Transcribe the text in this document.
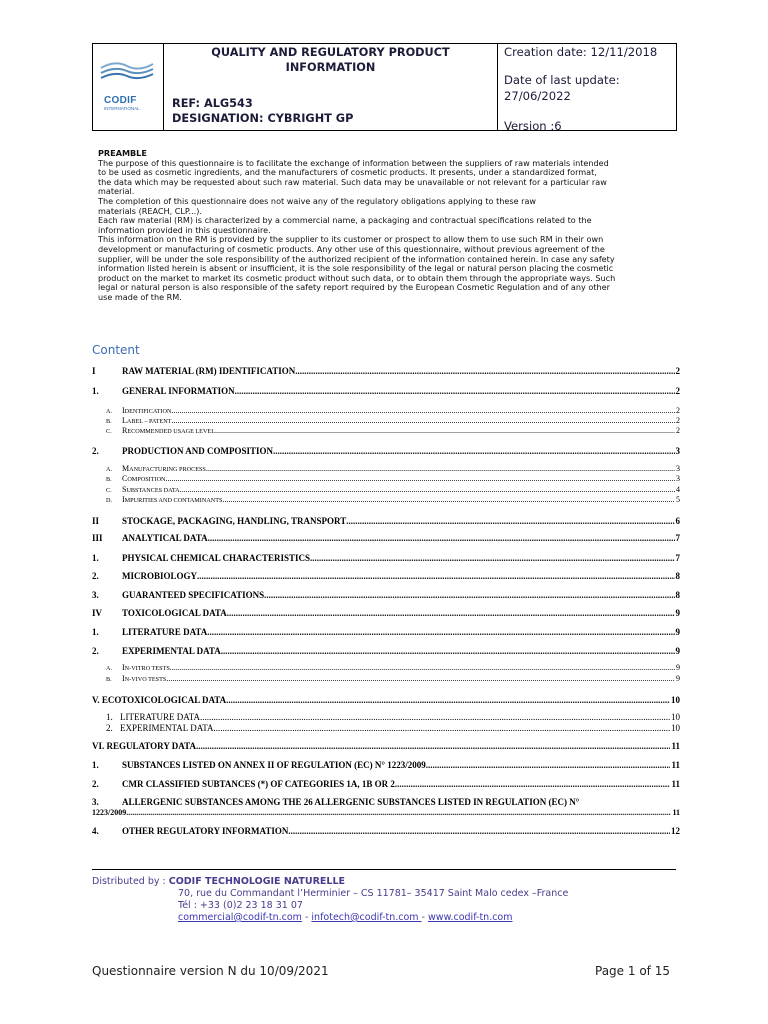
CODIF
INTERNATIONAL
QUALITY AND REGULATORY PRODUCT
INFORMATION
REF: ALG543
DESIGNATION: CYBRIGHT GP
Creation date: 12/11/2018
Date of last update:
27/06/2022
Version :6
PREAMBLE
The purpose of this questionnaire is to facilitate the exchange of information between the suppliers of raw materials intended
to be used as cosmetic ingredients, and the manufacturers of cosmetic products. It presents, under a standardized format,
the data which may be requested about such raw material. Such data may be unavailable or not relevant for a particular raw
material.
The completion of this questionnaire does not waive any of the regulatory obligations applying to these raw
materials (REACH, CLP...).
Each raw material (RM) is characterized by a commercial name, a packaging and contractual specifications related to the
information provided in this questionnaire.
This information on the RM is provided by the supplier to its customer or prospect to allow them to use such RM in their own
development or manufacturing of cosmetic products. Any other use of this questionnaire, without previous agreement of the
supplier, will be under the sole responsibility of the authorized recipient of the information contained herein. In case any safety
information listed herein is absent or insufficient, it is the sole responsibility of the legal or natural person placing the cosmetic
product on the market to market its cosmetic product without such data, or to obtain them through the appropriate ways. Such
legal or natural person is also responsible of the safety report required by the European Cosmetic Regulation and of any other
use made of the RM.
Content
I	RAW MATERIAL (RM) IDENTIFICATION .....	2
1.	GENERAL INFORMATION .....	2
A.	IDENTIFICATION .....	2
B.	LABEL – PATENT .....	2
C.	RECOMMENDED USAGE LEVEL .....	2
2.	PRODUCTION AND COMPOSITION .....	3
A.	MANUFACTURING PROCESS .....	3
B.	COMPOSITION .....	3
C.	SUBSTANCES DATA .....	4
D.	IMPURITIES AND CONTAMINANTS .....	5
II	STOCKAGE, PACKAGING, HANDLING, TRANSPORT .....	6
III	ANALYTICAL DATA .....	7
1.	PHYSICAL CHEMICAL CHARACTERISTICS .....	7
2.	MICROBIOLOGY .....	8
3.	GUARANTEED SPECIFICATIONS .....	8
IV	TOXICOLOGICAL DATA .....	9
1.	LITERATURE DATA .....	9
2.	EXPERIMENTAL DATA .....	9
A.	IN-VITRO TESTS .....	9
B.	IN-VIVO TESTS .....	9
V. ECOTOXICOLOGICAL DATA .....	10
1. LITERATURE DATA .....	10
2. EXPERIMENTAL DATA .....	10
VI. REGULATORY DATA .....	11
1.	SUBSTANCES LISTED ON ANNEX II OF REGULATION (EC) N° 1223/2009 .....	11
2.	CMR CLASSIFIED SUBTANCES (*) OF CATEGORIES 1A, 1B OR 2 .....	11
3.	ALLERGENIC SUBSTANCES AMONG THE 26 ALLERGENIC SUBSTANCES LISTED IN REGULATION (EC) N°
1223/2009 .....	11
4.	OTHER REGULATORY INFORMATION .....	12
Distributed by : CODIF TECHNOLOGIE NATURELLE
70, rue du Commandant l’Herminier – CS 11781– 35417 Saint Malo cedex –France
Tél : +33 (0)2 23 18 31 07
commercial@codif-tn.com - infotech@codif-tn.com - www.codif-tn.com
Questionnaire version N du 10/09/2021	Page 1 of 15
